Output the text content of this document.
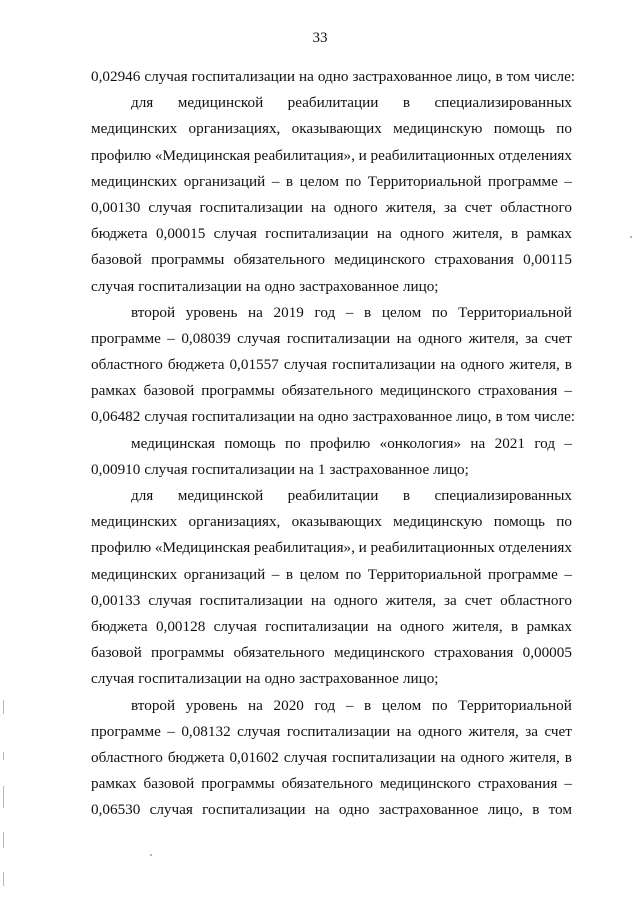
33
0,02946 случая госпитализации на одно застрахованное лицо, в том числе:
для медицинской реабилитации в специализированных
медицинских организациях, оказывающих медицинскую помощь по
профилю «Медицинская реабилитация», и реабилитационных отделениях
медицинских организаций – в целом по Территориальной программе –
0,00130 случая госпитализации на одного жителя, за счет областного
бюджета 0,00015 случая госпитализации на одного жителя, в рамках
базовой программы обязательного медицинского страхования 0,00115
случая госпитализации на одно застрахованное лицо;
второй уровень на 2019 год – в целом по Территориальной
программе – 0,08039 случая госпитализации на одного жителя, за счет
областного бюджета 0,01557 случая госпитализации на одного жителя, в
рамках базовой программы обязательного медицинского страхования –
0,06482 случая госпитализации на одно застрахованное лицо, в том числе:
медицинская помощь по профилю «онкология» на 2021 год –
0,00910 случая госпитализации на 1 застрахованное лицо;
для медицинской реабилитации в специализированных
медицинских организациях, оказывающих медицинскую помощь по
профилю «Медицинская реабилитация», и реабилитационных отделениях
медицинских организаций – в целом по Территориальной программе –
0,00133 случая госпитализации на одного жителя, за счет областного
бюджета 0,00128 случая госпитализации на одного жителя, в рамках
базовой программы обязательного медицинского страхования 0,00005
случая госпитализации на одно застрахованное лицо;
второй уровень на 2020 год – в целом по Территориальной
программе – 0,08132 случая госпитализации на одного жителя, за счет
областного бюджета 0,01602 случая госпитализации на одного жителя, в
рамках базовой программы обязательного медицинского страхования –
0,06530 случая госпитализации на одно застрахованное лицо, в том
